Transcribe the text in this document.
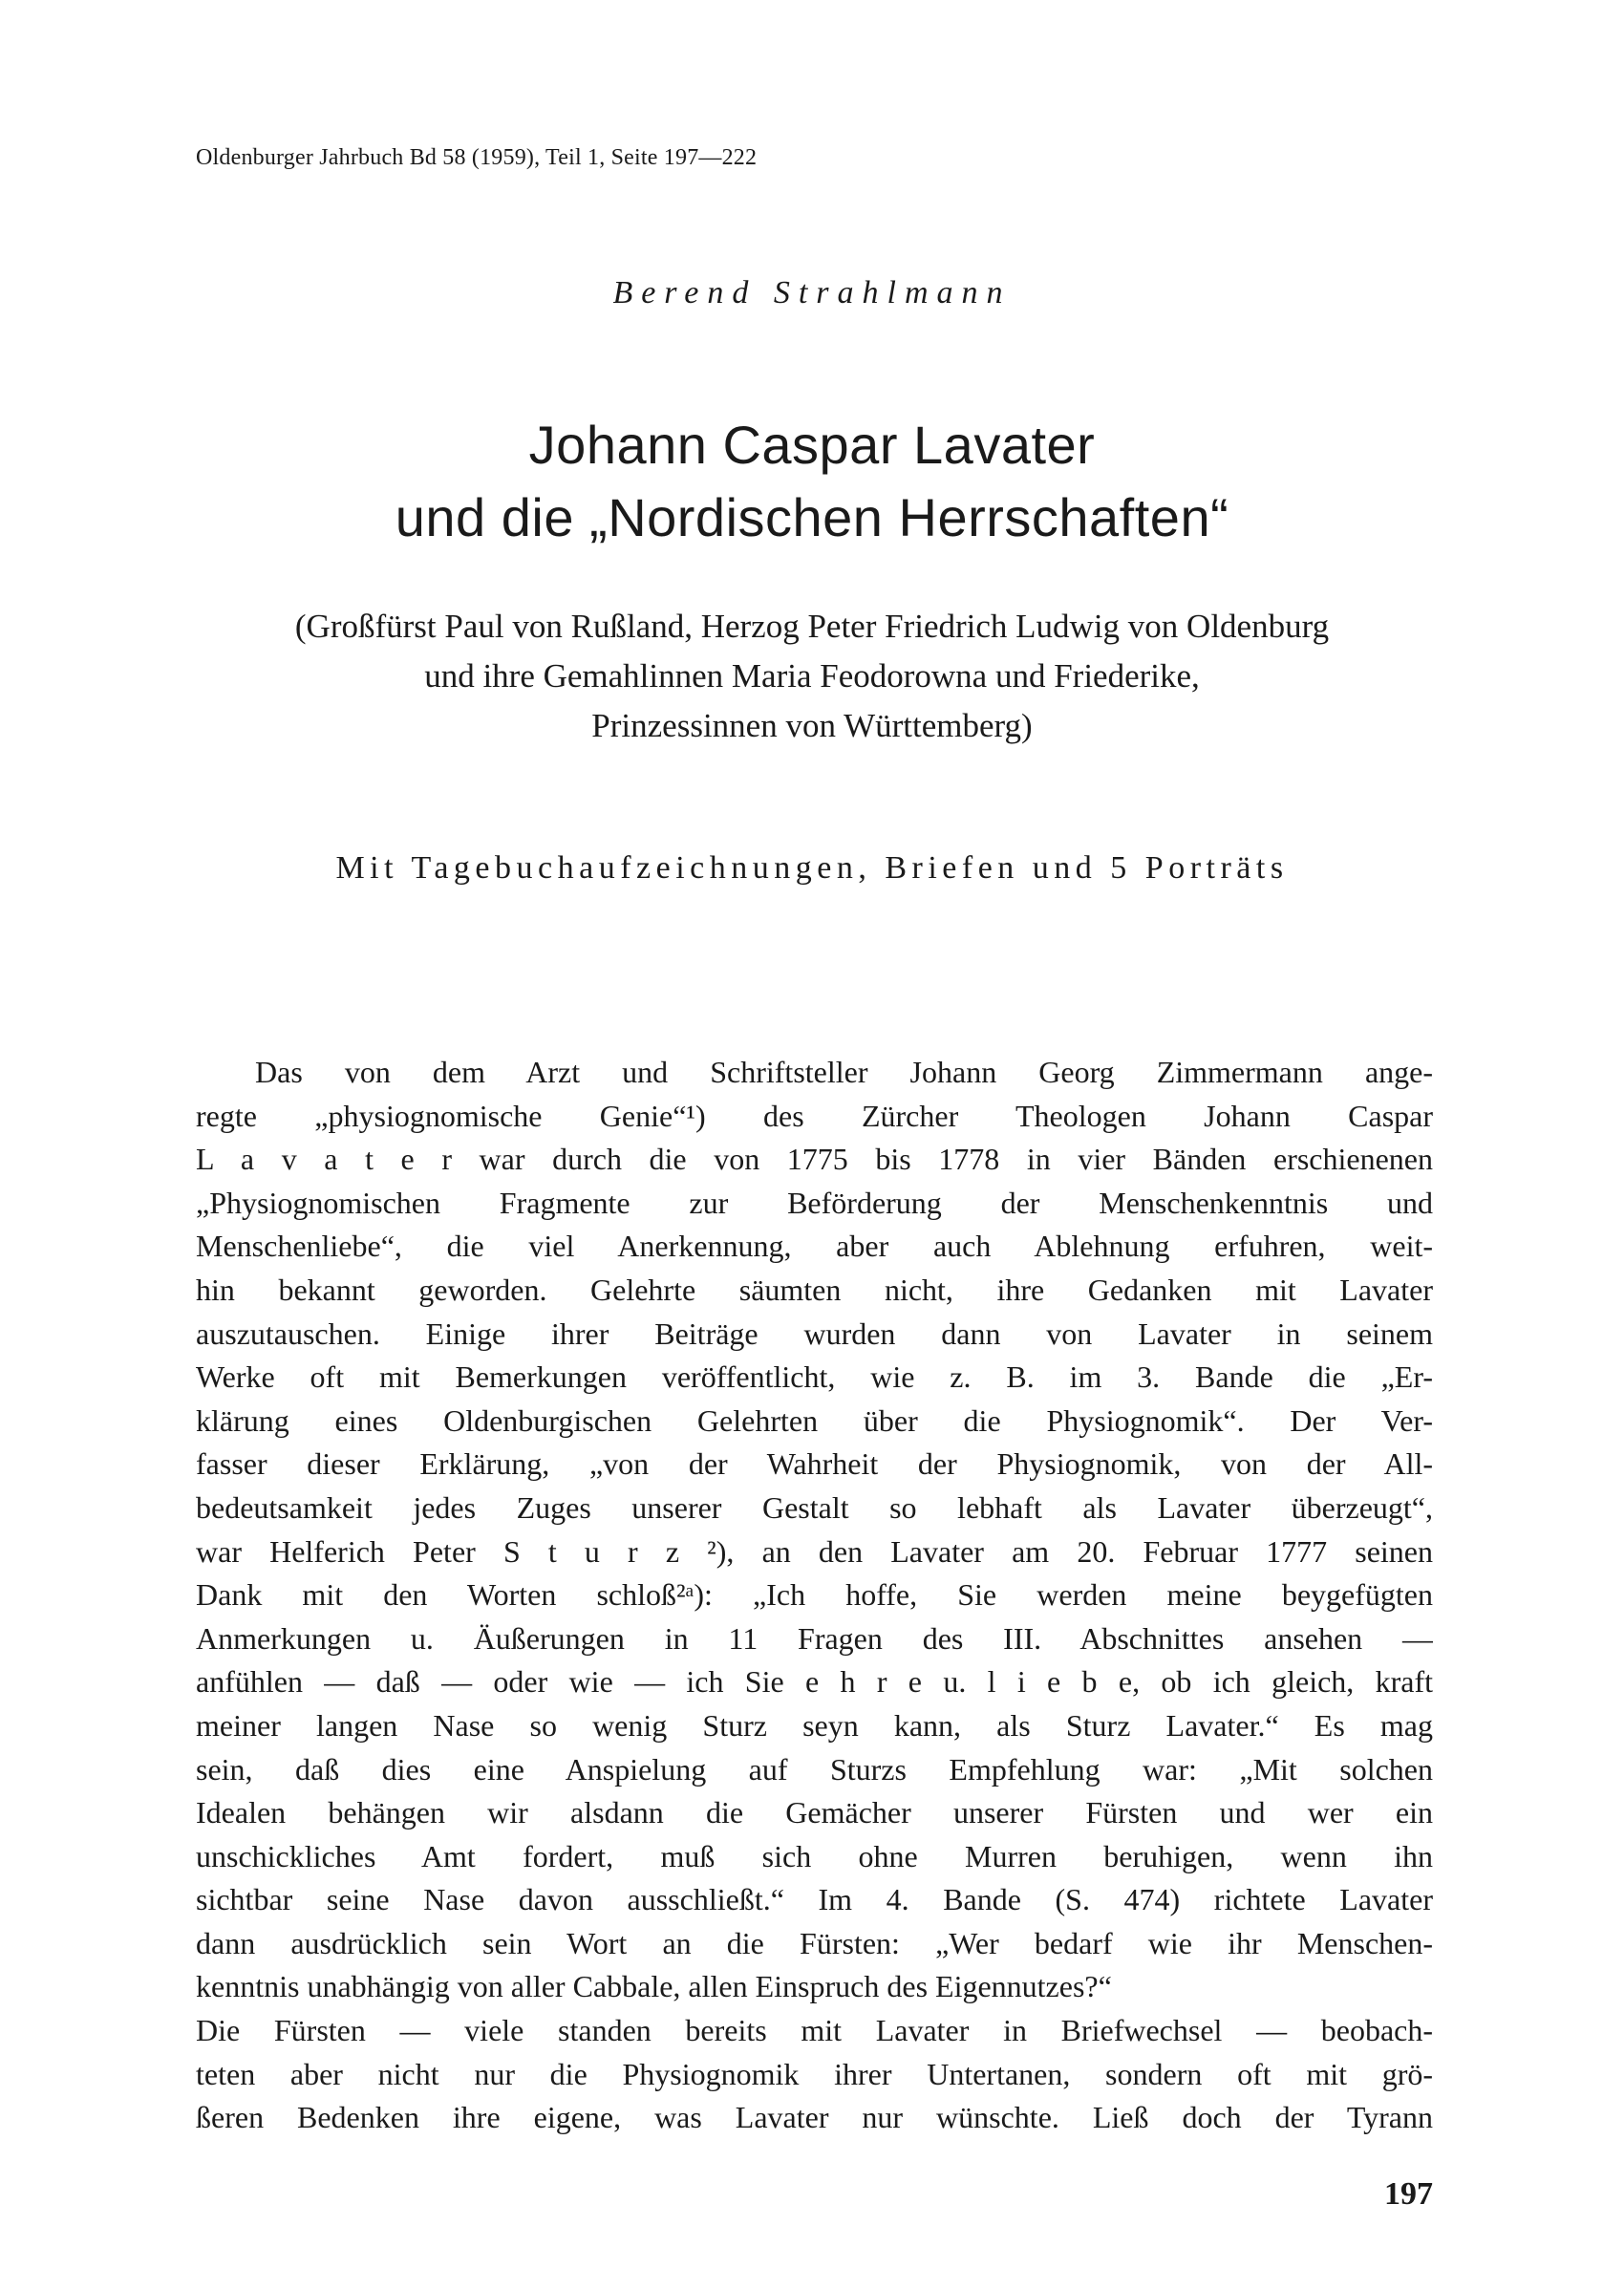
Oldenburger Jahrbuch Bd 58 (1959), Teil 1, Seite 197—222
Berend Strahlmann
Johann Caspar Lavater
und die „Nordischen Herrschaften“
(Großfürst Paul von Rußland, Herzog Peter Friedrich Ludwig von Oldenburg
und ihre Gemahlinnen Maria Feodorowna und Friederike,
Prinzessinnen von Württemberg)
Mit Tagebuchaufzeichnungen, Briefen und 5 Porträts
Das von dem Arzt und Schriftsteller Johann Georg Zimmermann ange-
regte „physiognomische Genie“¹) des Zürcher Theologen Johann Caspar
L a v a t e r war durch die von 1775 bis 1778 in vier Bänden erschienenen
„Physiognomischen Fragmente zur Beförderung der Menschenkenntnis und
Menschenliebe“, die viel Anerkennung, aber auch Ablehnung erfuhren, weit-
hin bekannt geworden. Gelehrte säumten nicht, ihre Gedanken mit Lavater
auszutauschen. Einige ihrer Beiträge wurden dann von Lavater in seinem
Werke oft mit Bemerkungen veröffentlicht, wie z. B. im 3. Bande die „Er-
klärung eines Oldenburgischen Gelehrten über die Physiognomik“. Der Ver-
fasser dieser Erklärung, „von der Wahrheit der Physiognomik, von der All-
bedeutsamkeit jedes Zuges unserer Gestalt so lebhaft als Lavater überzeugt“,
war Helferich Peter S t u r z ²), an den Lavater am 20. Februar 1777 seinen
Dank mit den Worten schloß²ᵃ): „Ich hoffe, Sie werden meine beygefügten
Anmerkungen u. Äußerungen in 11 Fragen des III. Abschnittes ansehen —
anfühlen — daß — oder wie — ich Sie e h r e u. l i e b e, ob ich gleich, kraft
meiner langen Nase so wenig Sturz seyn kann, als Sturz Lavater.“ Es mag
sein, daß dies eine Anspielung auf Sturzs Empfehlung war: „Mit solchen
Idealen behängen wir alsdann die Gemächer unserer Fürsten und wer ein
unschickliches Amt fordert, muß sich ohne Murren beruhigen, wenn ihn
sichtbar seine Nase davon ausschließt.“ Im 4. Bande (S. 474) richtete Lavater
dann ausdrücklich sein Wort an die Fürsten: „Wer bedarf wie ihr Menschen-
kenntnis unabhängig von aller Cabbale, allen Einspruch des Eigennutzes?“
Die Fürsten — viele standen bereits mit Lavater in Briefwechsel — beobach-
teten aber nicht nur die Physiognomik ihrer Untertanen, sondern oft mit grö-
ßeren Bedenken ihre eigene, was Lavater nur wünschte. Ließ doch der Tyrann
197
